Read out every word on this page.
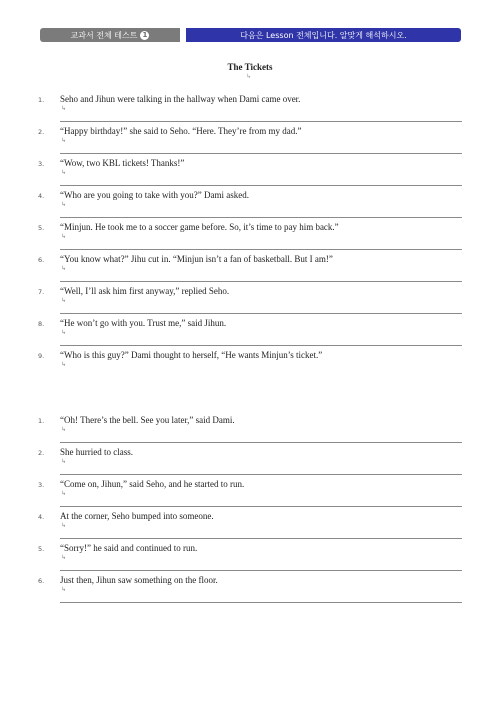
교과서 전체 테스트 1	다음은 Lesson 전체입니다. 알맞게 해석하시오.
The Tickets
↳
1.	Seho and Jihun were talking in the hallway when Dami came over.
↳
2.	“Happy birthday!” she said to Seho. “Here. They’re from my dad.”
↳
3.	“Wow, two KBL tickets! Thanks!”
↳
4.	“Who are you going to take with you?” Dami asked.
↳
5.	“Minjun. He took me to a soccer game before. So, it’s time to pay him back.”
↳
6.	“You know what?” Jihu cut in. “Minjun isn’t a fan of basketball. But I am!”
↳
7.	“Well, I’ll ask him first anyway,” replied Seho.
↳
8.	“He won’t go with you. Trust me,” said Jihun.
↳
9.	“Who is this guy?” Dami thought to herself, “He wants Minjun’s ticket.”
↳
1.	“Oh! There’s the bell. See you later,” said Dami.
↳
2.	She hurried to class.
↳
3.	“Come on, Jihun,” said Seho, and he started to run.
↳
4.	At the corner, Seho bumped into someone.
↳
5.	“Sorry!” he said and continued to run.
↳
6.	Just then, Jihun saw something on the floor.
↳
